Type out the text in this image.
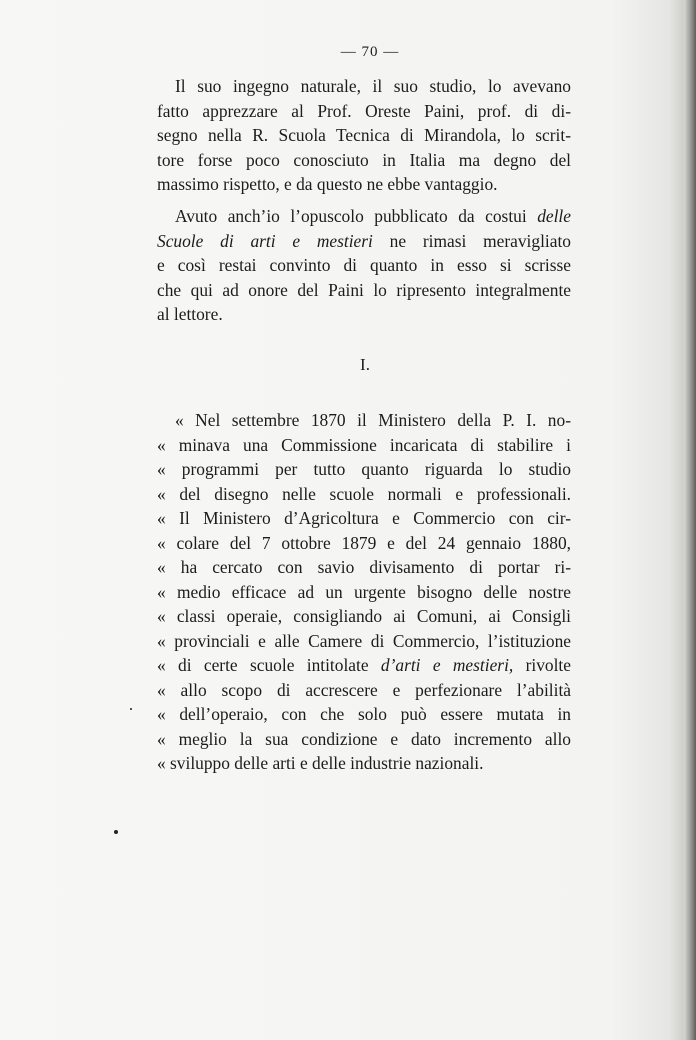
— 70 —
Il suo ingegno naturale, il suo studio, lo avevano
fatto apprezzare al Prof. Oreste Paini, prof. di di-
segno nella R. Scuola Tecnica di Mirandola, lo scrit-
tore forse poco conosciuto in Italia ma degno del
massimo rispetto, e da questo ne ebbe vantaggio.
Avuto anch’io l’opuscolo pubblicato da costui delle
Scuole di arti e mestieri ne rimasi meravigliato
e così restai convinto di quanto in esso si scrisse
che qui ad onore del Paini lo ripresento integralmente
al lettore.
I.
« Nel settembre 1870 il Ministero della P. I. no-
« minava una Commissione incaricata di stabilire i
« programmi per tutto quanto riguarda lo studio
« del disegno nelle scuole normali e professionali.
« Il Ministero d’Agricoltura e Commercio con cir-
« colare del 7 ottobre 1879 e del 24 gennaio 1880,
« ha cercato con savio divisamento di portar ri-
« medio efficace ad un urgente bisogno delle nostre
« classi operaie, consigliando ai Comuni, ai Consigli
« provinciali e alle Camere di Commercio, l’istituzione
« di certe scuole intitolate d’arti e mestieri, rivolte
« allo scopo di accrescere e perfezionare l’abilità
« dell’operaio, con che solo può essere mutata in
« meglio la sua condizione e dato incremento allo
« sviluppo delle arti e delle industrie nazionali.
